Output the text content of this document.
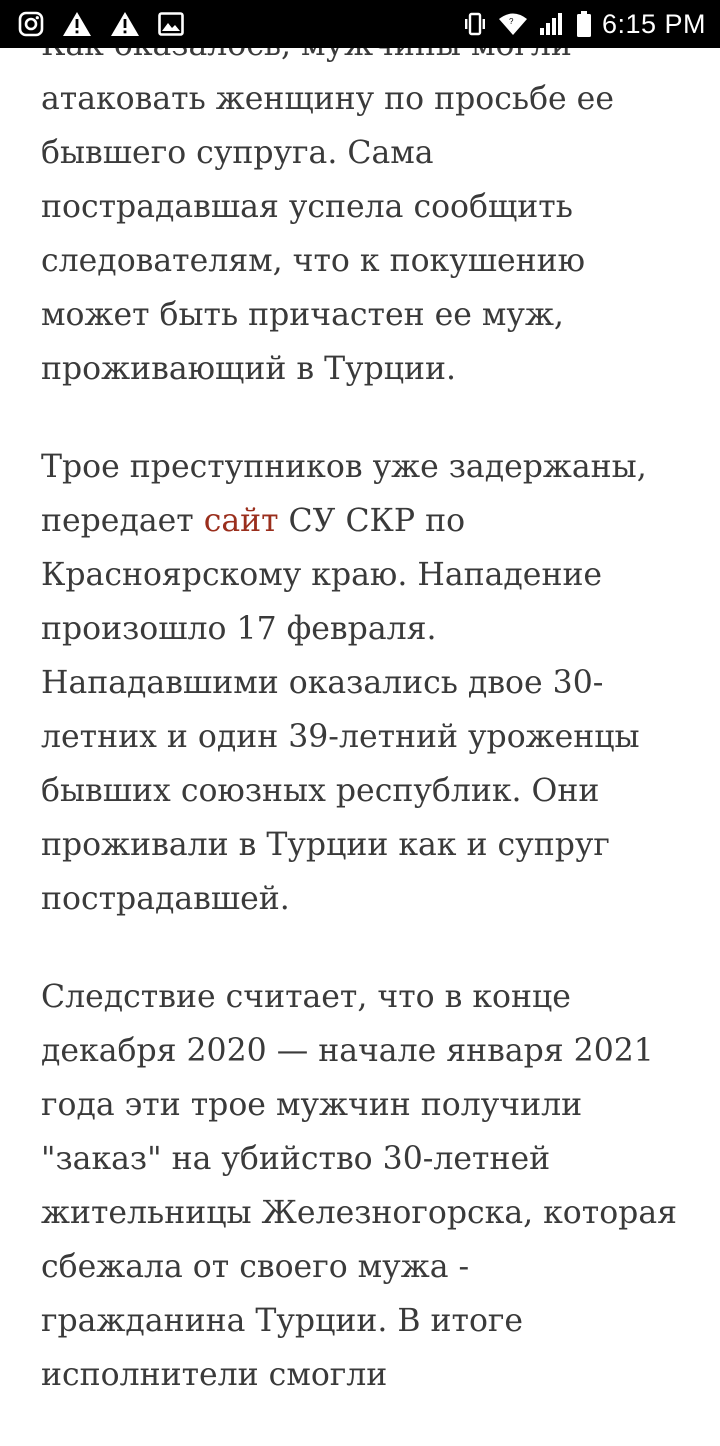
?	6:15 PM

атаковать женщину по просьбе ее бывшего супруга. Сама пострадавшая успела сообщить следователям, что к покушению может быть причастен ее муж, проживающий в Турции.

Трое преступников уже задержаны, передает сайт СУ СКР по Красноярскому краю. Нападение произошло 17 февраля. Нападавшими оказались двое 30-летних и один 39-летний уроженцы бывших союзных республик. Они проживали в Турции как и супруг пострадавшей.

Следствие считает, что в конце декабря 2020 — начале января 2021 года эти трое мужчин получили "заказ" на убийство 30-летней жительницы Железногорска, которая сбежала от своего мужа - гражданина Турции. В итоге исполнители смогли
